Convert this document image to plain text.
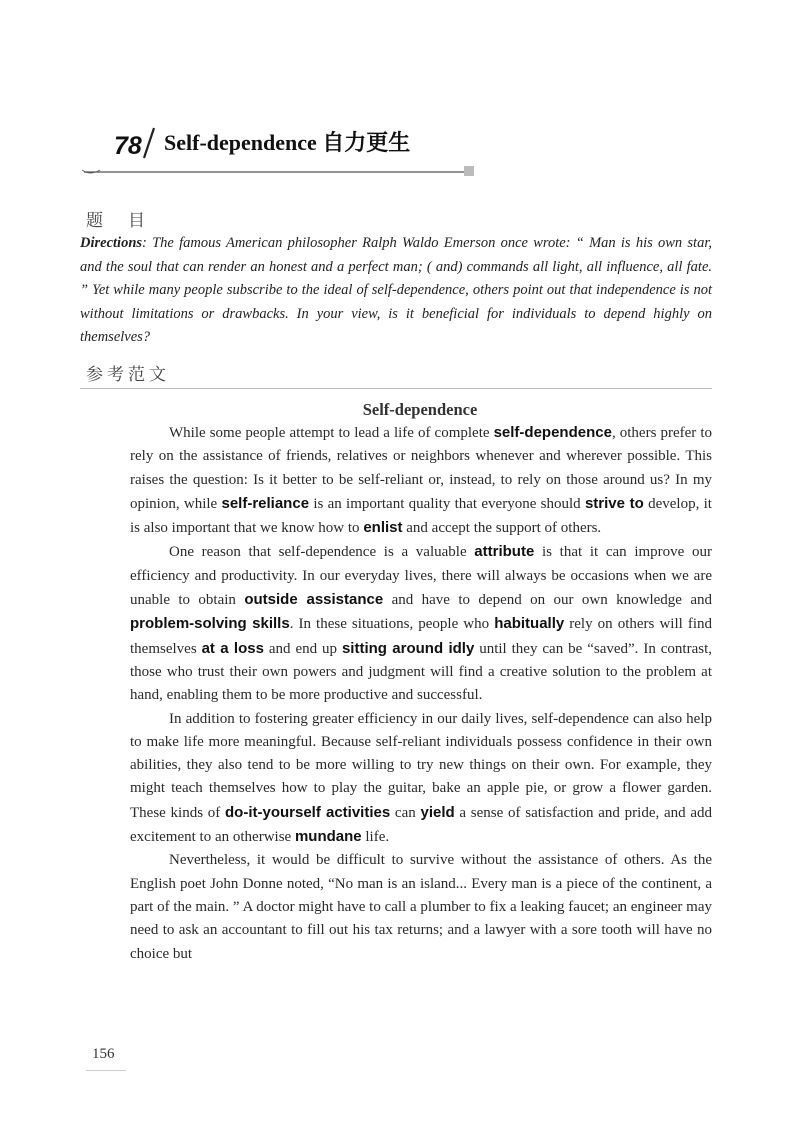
78 Self-dependence 自力更生
题　目
Directions: The famous American philosopher Ralph Waldo Emerson once wrote: “ Man is his own star, and the soul that can render an honest and a perfect man; ( and) commands all light, all influence, all fate. ” Yet while many people subscribe to the ideal of self-dependence, others point out that independence is not without limitations or drawbacks. In your view, is it beneficial for individuals to depend highly on themselves?
参考范文
Self-dependence

While some people attempt to lead a life of complete self-dependence, others prefer to rely on the assistance of friends, relatives or neighbors whenever and wherever possible. This raises the question: Is it better to be self-reliant or, instead, to rely on those around us? In my opinion, while self-reliance is an important quality that everyone should strive to develop, it is also important that we know how to enlist and accept the support of others.

One reason that self-dependence is a valuable attribute is that it can improve our efficiency and productivity. In our everyday lives, there will always be occasions when we are unable to obtain outside assistance and have to depend on our own knowledge and problem-solving skills. In these situations, people who habitually rely on others will find themselves at a loss and end up sitting around idly until they can be “saved”. In contrast, those who trust their own powers and judgment will find a creative solution to the problem at hand, enabling them to be more productive and successful.

In addition to fostering greater efficiency in our daily lives, self-dependence can also help to make life more meaningful. Because self-reliant individuals possess confidence in their own abilities, they also tend to be more willing to try new things on their own. For example, they might teach themselves how to play the guitar, bake an apple pie, or grow a flower garden. These kinds of do-it-yourself activities can yield a sense of satisfaction and pride, and add excitement to an otherwise mundane life.

Nevertheless, it would be difficult to survive without the assistance of others. As the English poet John Donne noted, “No man is an island... Every man is a piece of the continent, a part of the main. ” A doctor might have to call a plumber to fix a leaking faucet; an engineer may need to ask an accountant to fill out his tax returns; and a lawyer with a sore tooth will have no choice but

156
